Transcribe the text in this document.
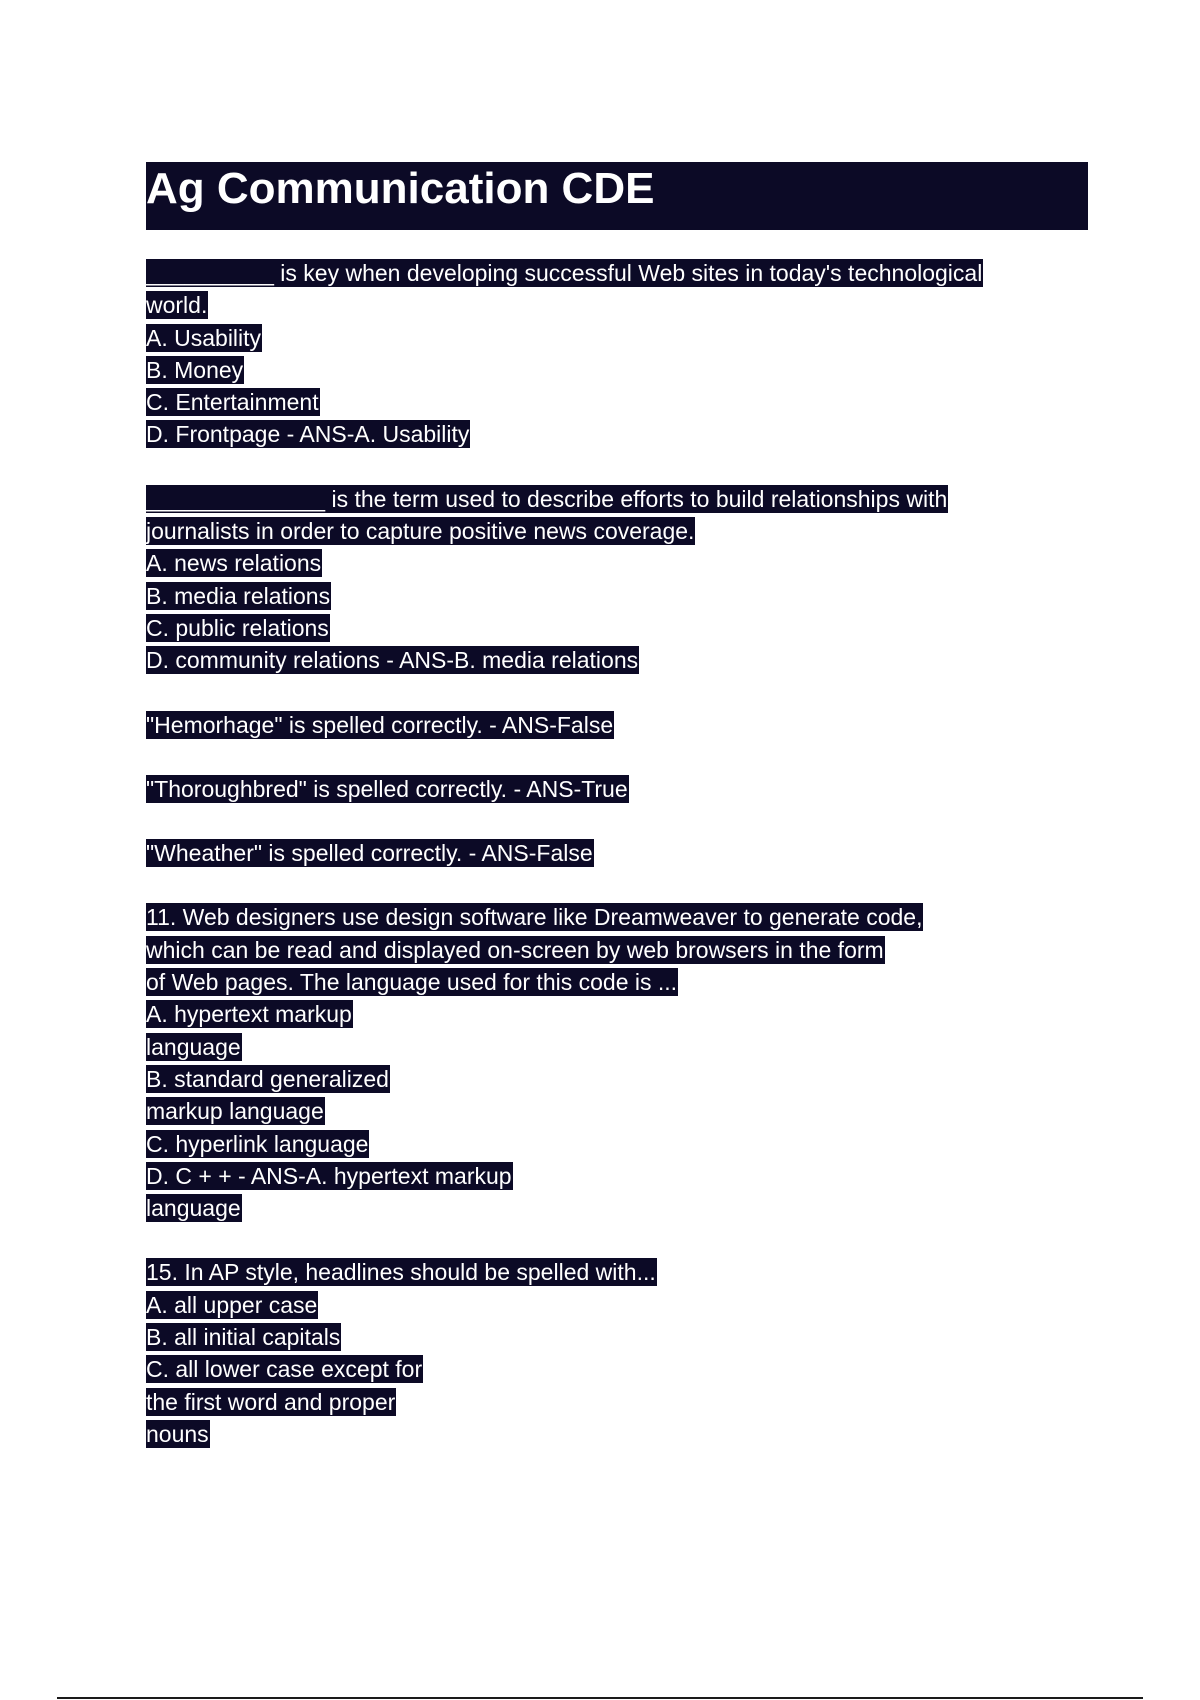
Ag Communication CDE
__________ is key when developing successful Web sites in today's technological
world.
A. Usability
B. Money
C. Entertainment
D. Frontpage - ANS-A. Usability
______________ is the term used to describe efforts to build relationships with
journalists in order to capture positive news coverage.
A. news relations
B. media relations
C. public relations
D. community relations - ANS-B. media relations
"Hemorhage" is spelled correctly. - ANS-False
"Thoroughbred" is spelled correctly. - ANS-True
"Wheather" is spelled correctly. - ANS-False
11. Web designers use design software like Dreamweaver to generate code,
which can be read and displayed on-screen by web browsers in the form
of Web pages. The language used for this code is ...
A. hypertext markup
language
B. standard generalized
markup language
C. hyperlink language
D. C + + - ANS-A. hypertext markup
language
15. In AP style, headlines should be spelled with...
A. all upper case
B. all initial capitals
C. all lower case except for
the first word and proper
nouns
